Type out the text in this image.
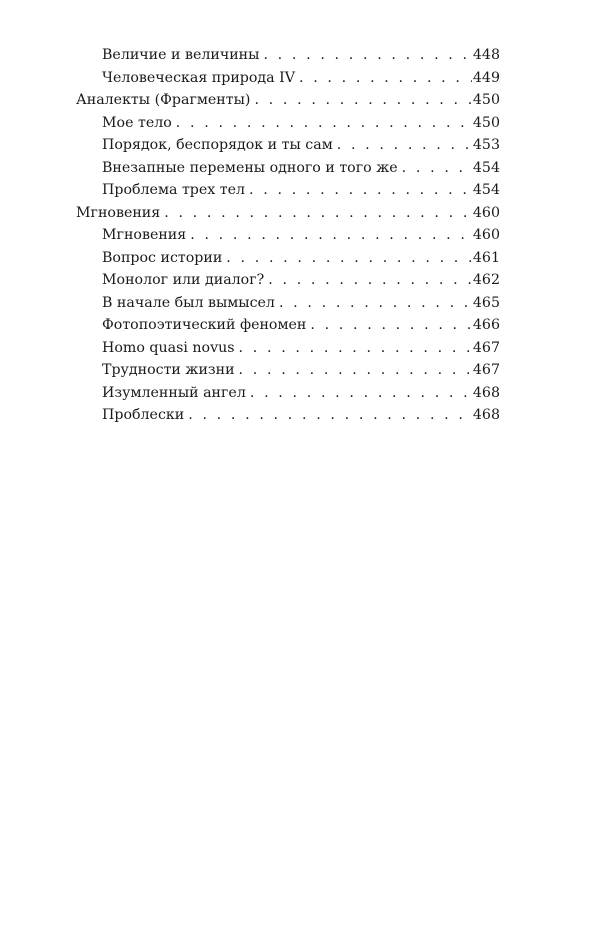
Величие и величины . . .	448
Человеческая природа IV . . .	449
Аналекты (Фрагменты) . . .	450
Мое тело . . .	450
Порядок, беспорядок и ты сам . . .	453
Внезапные перемены одного и того же . . .	454
Проблема трех тел . . .	454
Мгновения . . .	460
Мгновения . . .	460
Вопрос истории . . .	461
Монолог или диалог? . . .	462
В начале был вымысел . . .	465
Фотопоэтический феномен . . .	466
Homo quasi novus . . .	467
Трудности жизни . . .	467
Изумленный ангел . . .	468
Проблески . . .	468
